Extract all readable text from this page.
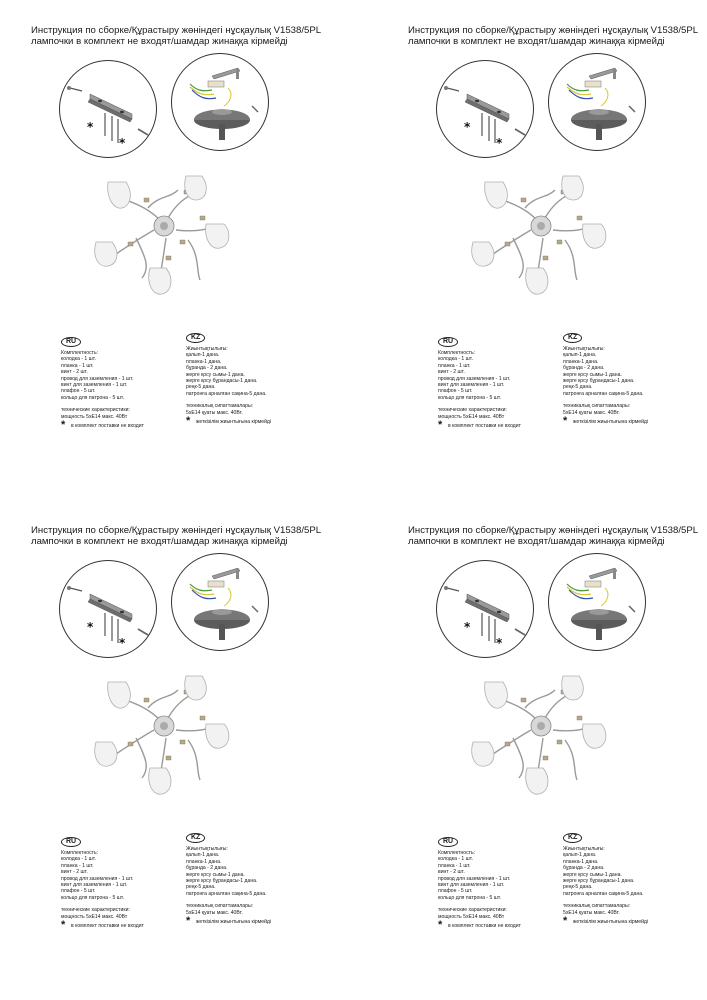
Инструкция по сборке/Құрастыру жөніндегі нұсқаулық V1538/5PL
лампочки в комплект не входят/шамдар жинаққа кірмейді
*
*
RU
Комплектность:
колодка - 1 шт.
планка - 1 шт.
винт - 2 шт.
провод для заземления - 1 шт.
винт для заземления - 1 шт.
плафон - 5 шт.
кольцо для патрона - 5 шт.
технические характеристики:
мощность 5хЕ14 макс. 40Вт
* в комплект поставки не входит
KZ
Жиынтықтылығы:
қалып-1 дана.
планка-1 дана.
бұранда - 2 дана.
жерге қосу сымы-1 дана.
жерге қосу бұрандасы-1 дана.
реңк-5 дана.
патронға арналған сақина-5 дана.
техникалық сипаттамалары:
5хЕ14 қуаты макс. 40Вт.
* жеткізілім жиынтығына кірмейді
Инструкция по сборке/Құрастыру жөніндегі нұсқаулық V1538/5PL
лампочки в комплект не входят/шамдар жинаққа кірмейді
*
*
RU
Комплектность:
колодка - 1 шт.
планка - 1 шт.
винт - 2 шт.
провод для заземления - 1 шт.
винт для заземления - 1 шт.
плафон - 5 шт.
кольцо для патрона - 5 шт.
технические характеристики:
мощность 5хЕ14 макс. 40Вт
* в комплект поставки не входит
KZ
Жиынтықтылығы:
қалып-1 дана.
планка-1 дана.
бұранда - 2 дана.
жерге қосу сымы-1 дана.
жерге қосу бұрандасы-1 дана.
реңк-5 дана.
патронға арналған сақина-5 дана.
техникалық сипаттамалары:
5хЕ14 қуаты макс. 40Вт.
* жеткізілім жиынтығына кірмейді
Инструкция по сборке/Құрастыру жөніндегі нұсқаулық V1538/5PL
лампочки в комплект не входят/шамдар жинаққа кірмейді
*
*
RU
Комплектность:
колодка - 1 шт.
планка - 1 шт.
винт - 2 шт.
провод для заземления - 1 шт.
винт для заземления - 1 шт.
плафон - 5 шт.
кольцо для патрона - 5 шт.
технические характеристики:
мощность 5хЕ14 макс. 40Вт
* в комплект поставки не входит
KZ
Жиынтықтылығы:
қалып-1 дана.
планка-1 дана.
бұранда - 2 дана.
жерге қосу сымы-1 дана.
жерге қосу бұрандасы-1 дана.
реңк-5 дана.
патронға арналған сақина-5 дана.
техникалық сипаттамалары:
5хЕ14 қуаты макс. 40Вт.
* жеткізілім жиынтығына кірмейді
Инструкция по сборке/Құрастыру жөніндегі нұсқаулық V1538/5PL
лампочки в комплект не входят/шамдар жинаққа кірмейді
*
*
RU
Комплектность:
колодка - 1 шт.
планка - 1 шт.
винт - 2 шт.
провод для заземления - 1 шт.
винт для заземления - 1 шт.
плафон - 5 шт.
кольцо для патрона - 5 шт.
технические характеристики:
мощность 5хЕ14 макс. 40Вт
* в комплект поставки не входит
KZ
Жиынтықтылығы:
қалып-1 дана.
планка-1 дана.
бұранда - 2 дана.
жерге қосу сымы-1 дана.
жерге қосу бұрандасы-1 дана.
реңк-5 дана.
патронға арналған сақина-5 дана.
техникалық сипаттамалары:
5хЕ14 қуаты макс. 40Вт.
* жеткізілім жиынтығына кірмейді
